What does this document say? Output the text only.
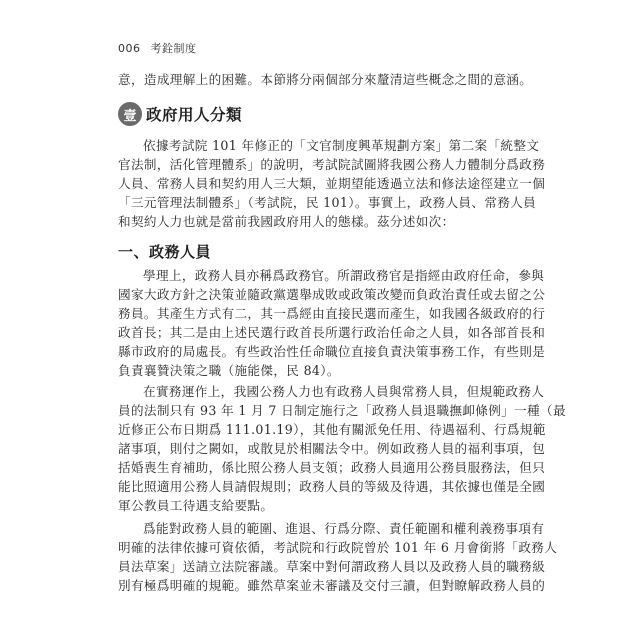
006 考銓制度
意，造成理解上的困難。本節將分兩個部分來釐清這些概念之間的意涵。
壹 政府用人分類
依據考試院 101 年修正的「文官制度興革規劃方案」第二案「統整文
官法制，活化管理體系」的說明，考試院試圖將我國公務人力體制分爲政務
人員、常務人員和契約用人三大類，並期望能透過立法和修法途徑建立一個
「三元管理法制體系」（考試院，民 101）。事實上，政務人員、常務人員
和契約人力也就是當前我國政府用人的態樣。茲分述如次：
一、政務人員
學理上，政務人員亦稱爲政務官。所謂政務官是指經由政府任命，參與
國家大政方針之決策並隨政黨選舉成敗或政策改變而負政治責任或去留之公
務員。其產生方式有二，其一爲經由直接民選而產生，如我國各級政府的行
政首長；其二是由上述民選行政首長所選行政治任命之人員，如各部首長和
縣市政府的局處長。有些政治性任命職位直接負責決策事務工作，有些則是
負責襄贊決策之職（施能傑，民 84）。
在實務運作上，我國公務人力也有政務人員與常務人員，但規範政務人
員的法制只有 93 年 1 月 7 日制定施行之「政務人員退職撫卹條例」一種（最
近修正公布日期爲 111.01.19），其他有關派免任用、待遇福利、行爲規範
諸事項，則付之闕如，或散見於相關法令中。例如政務人員的福利事項，包
括婚喪生育補助，係比照公務人員支領；政務人員適用公務員服務法，但只
能比照適用公務人員請假規則；政務人員的等級及待遇，其依據也僅是全國
軍公教員工待遇支給要點。
爲能對政務人員的範圍、進退、行爲分際、責任範圍和權利義務事項有
明確的法律依據可資依循，考試院和行政院曾於 101 年 6 月會銜將「政務人
員法草案」送請立法院審議。草案中對何謂政務人員以及政務人員的職務級
別有極爲明確的規範。雖然草案並未審議及交付三讀，但對瞭解政務人員的
